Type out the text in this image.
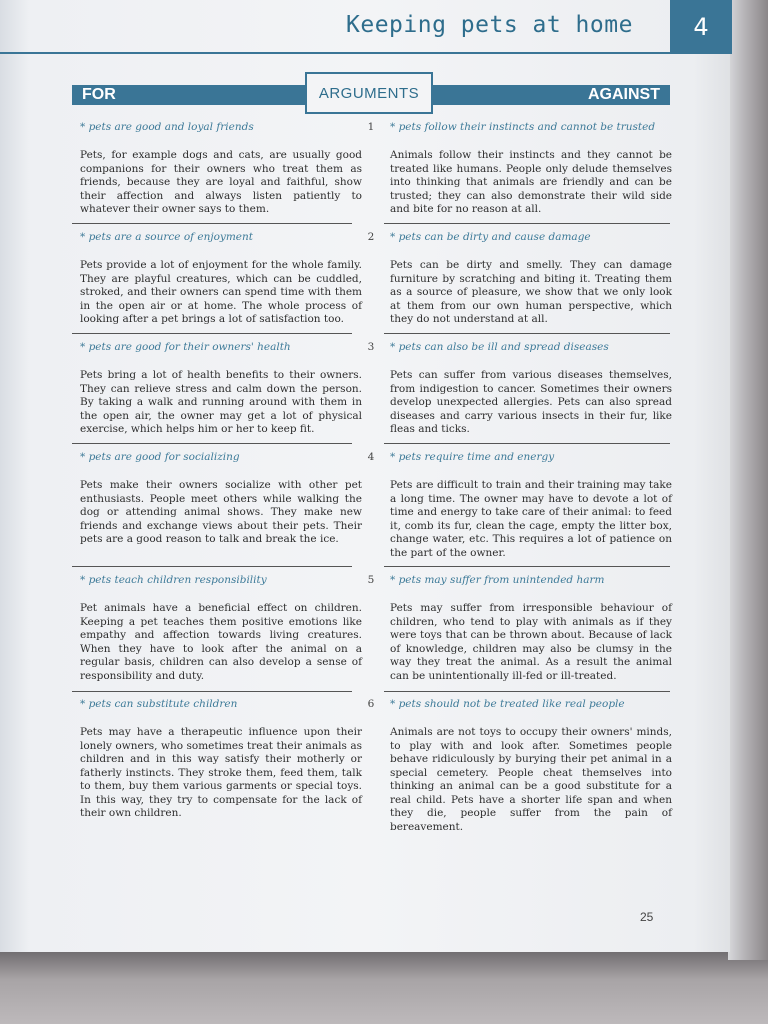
Keeping pets at home	4
FOR	AGAINST
ARGUMENTS
* pets are good and loyal friends	1	* pets follow their instincts and cannot be trusted
Pets, for example dogs and cats, are usually good companions for their owners who treat them as friends, because they are loyal and faithful, show their affection and always listen patiently to whatever their owner says to them.
Animals follow their instincts and they cannot be treated like humans. People only delude themselves into thinking that animals are friendly and can be trusted; they can also demonstrate their wild side and bite for no reason at all.
* pets are a source of enjoyment	2	* pets can be dirty and cause damage
Pets provide a lot of enjoyment for the whole family. They are playful creatures, which can be cuddled, stroked, and their owners can spend time with them in the open air or at home. The whole process of looking after a pet brings a lot of satisfaction too.
Pets can be dirty and smelly. They can damage furniture by scratching and biting it. Treating them as a source of pleasure, we show that we only look at them from our own human perspective, which they do not understand at all.
* pets are good for their owners' health	3	* pets can also be ill and spread diseases
Pets bring a lot of health benefits to their owners. They can relieve stress and calm down the person. By taking a walk and running around with them in the open air, the owner may get a lot of physical exercise, which helps him or her to keep fit.
Pets can suffer from various diseases themselves, from indigestion to cancer. Sometimes their owners develop unexpected allergies. Pets can also spread diseases and carry various insects in their fur, like fleas and ticks.
* pets are good for socializing	4	* pets require time and energy
Pets make their owners socialize with other pet enthusiasts. People meet others while walking the dog or attending animal shows. They make new friends and exchange views about their pets. Their pets are a good reason to talk and break the ice.
Pets are difficult to train and their training may take a long time. The owner may have to devote a lot of time and energy to take care of their animal: to feed it, comb its fur, clean the cage, empty the litter box, change water, etc. This requires a lot of patience on the part of the owner.
* pets teach children responsibility	5	* pets may suffer from unintended harm
Pet animals have a beneficial effect on children. Keeping a pet teaches them positive emotions like empathy and affection towards living creatures. When they have to look after the animal on a regular basis, children can also develop a sense of responsibility and duty.
Pets may suffer from irresponsible behaviour of children, who tend to play with animals as if they were toys that can be thrown about. Because of lack of knowledge, children may also be clumsy in the way they treat the animal. As a result the animal can be unintentionally ill-fed or ill-treated.
* pets can substitute children	6	* pets should not be treated like real people
Pets may have a therapeutic influence upon their lonely owners, who sometimes treat their animals as children and in this way satisfy their motherly or fatherly instincts. They stroke them, feed them, talk to them, buy them various garments or special toys. In this way, they try to compensate for the lack of their own children.
Animals are not toys to occupy their owners' minds, to play with and look after. Sometimes people behave ridiculously by burying their pet animal in a special cemetery. People cheat themselves into thinking an animal can be a good substitute for a real child. Pets have a shorter life span and when they die, people suffer from the pain of bereavement.
25
